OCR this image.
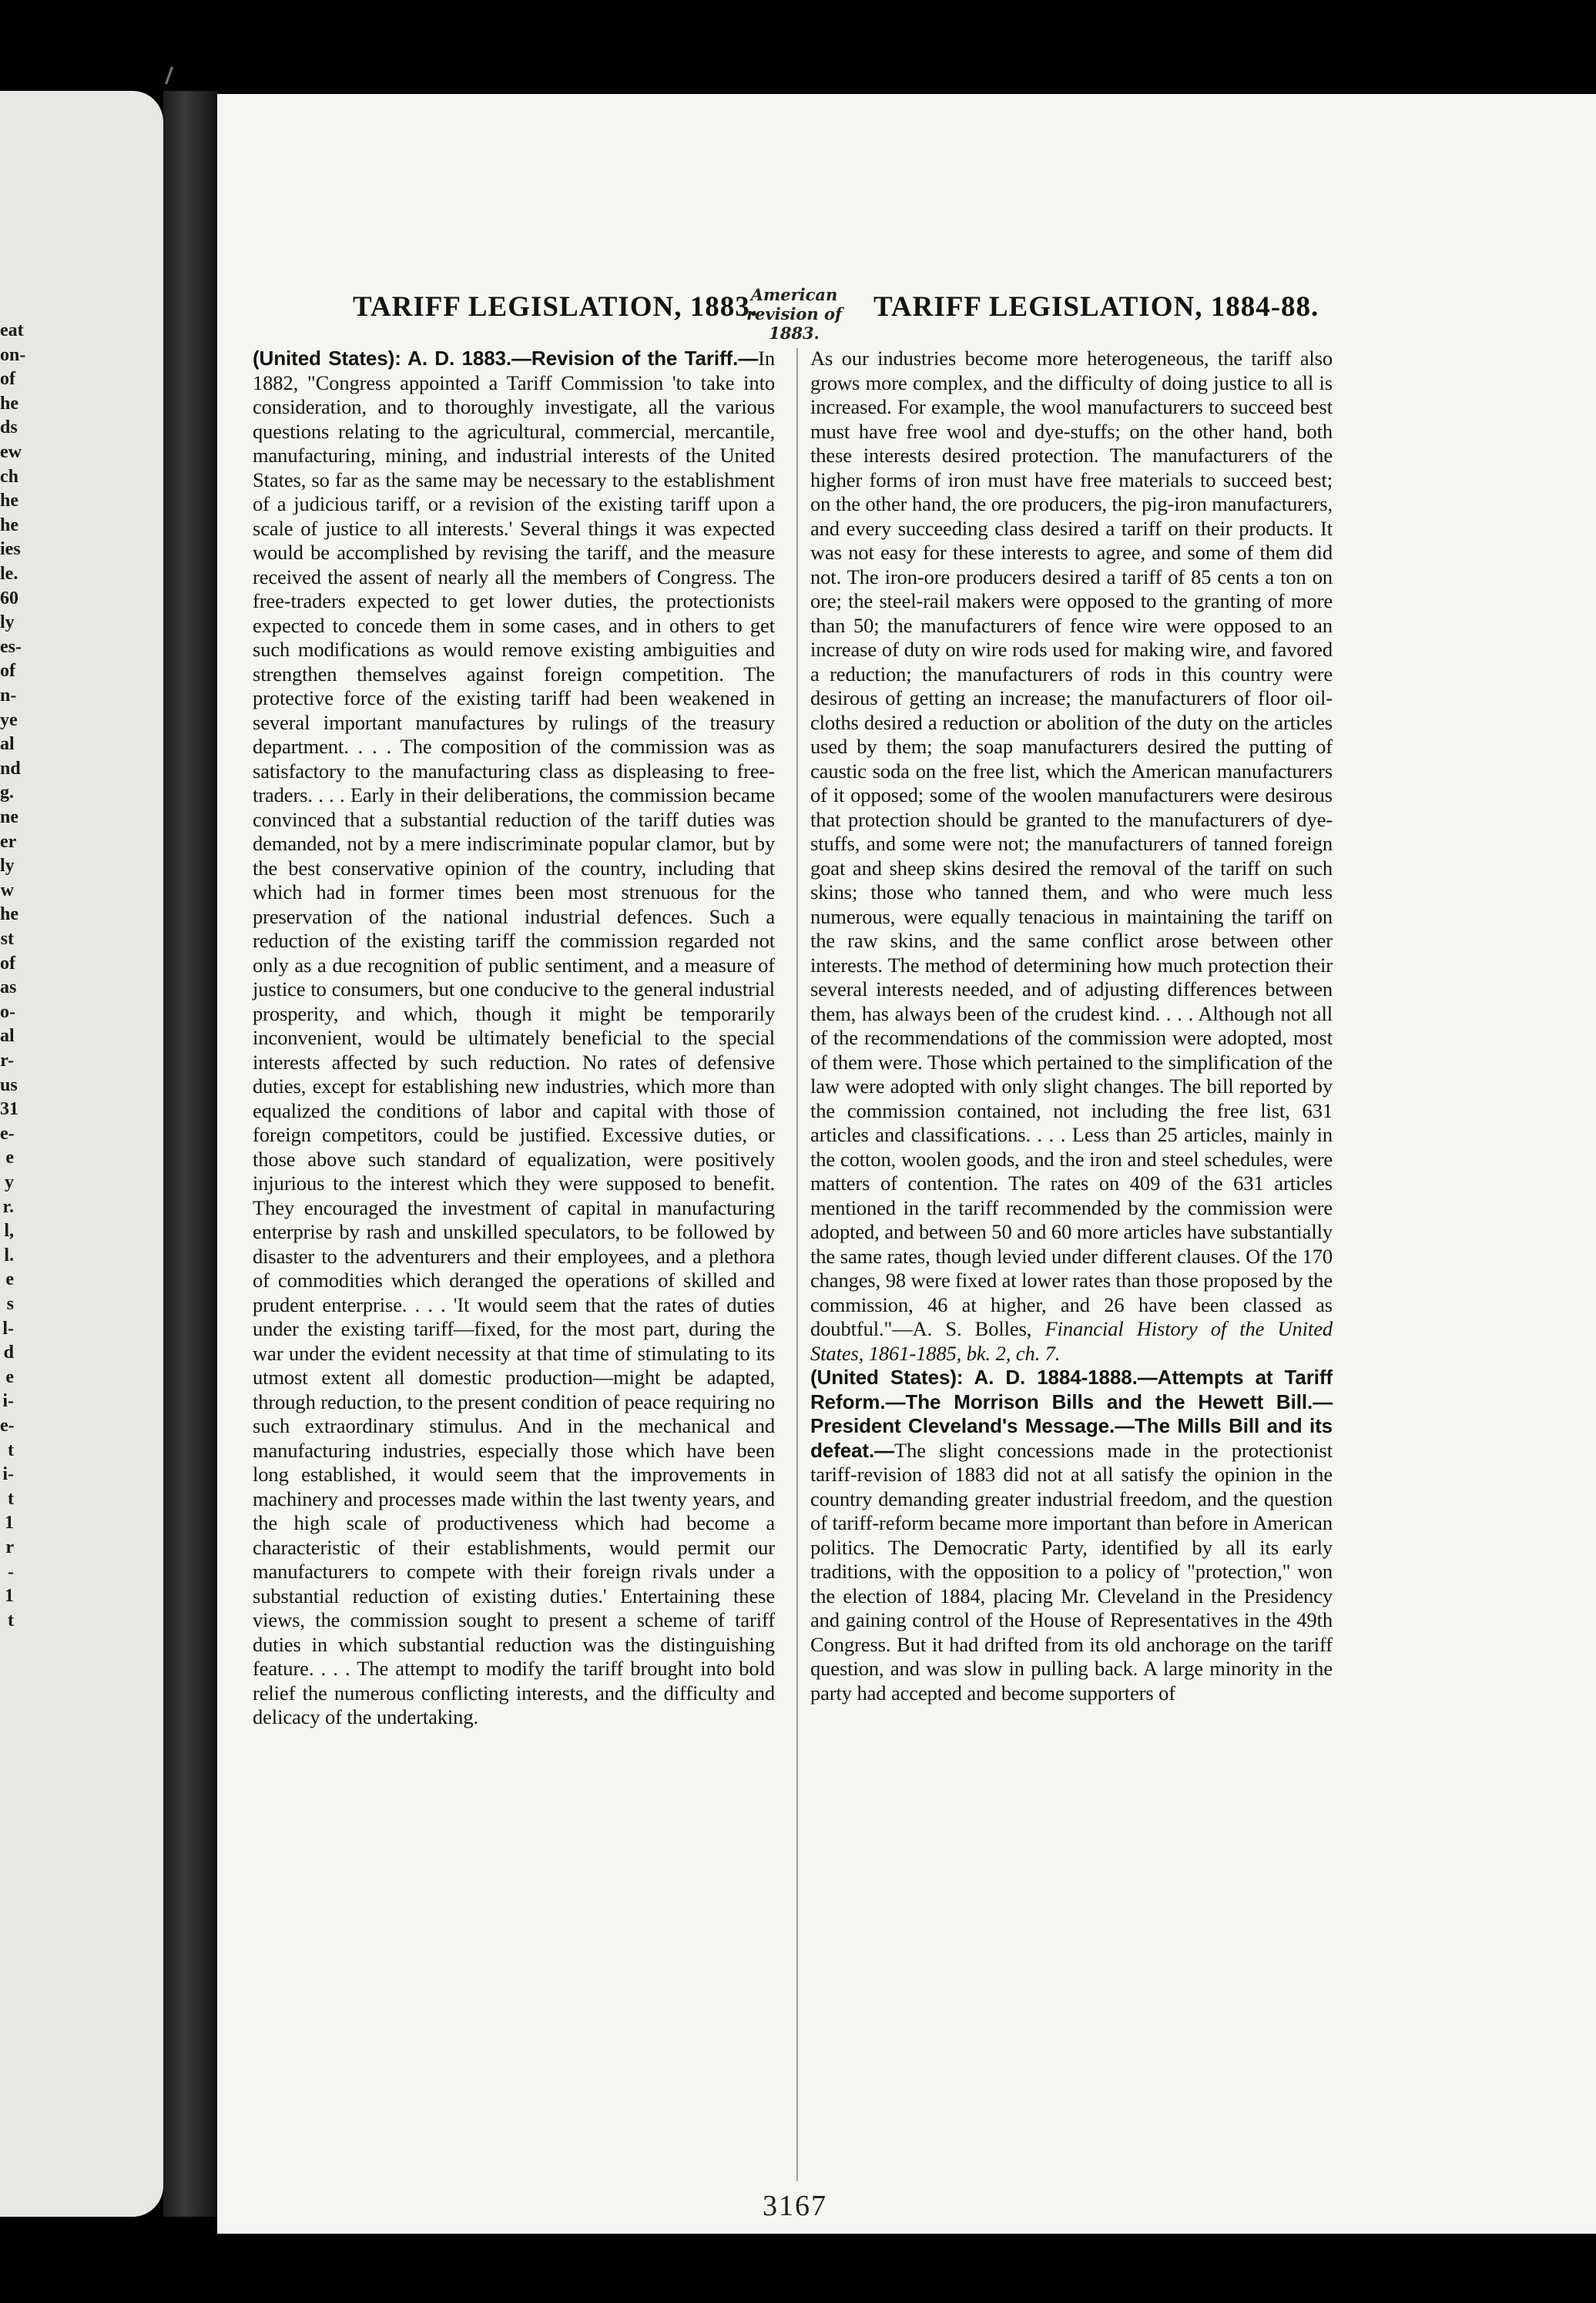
eat
on-
of
he
ds
ew
ch
he
he
ies
le.
60
ly
es-
of
n-
ye
al
nd
g.
ne
er
ly
w
he
st
of
as
o-
al
r-
us
31
e-
e
y
r.
l,
l.
e
s
l-
d
e
i-
e-
t
i-
t
1
r
-
1
t
TARIFF LEGISLATION, 1883.
American
revision of 1883.
TARIFF LEGISLATION, 1884-88.

(United States): A. D. 1883.—Revision of the Tariff.—In 1882, "Congress appointed a Tariff Commission 'to take into consideration, and to thoroughly investigate, all the various questions relating to the agricultural, commercial, mercantile, manufacturing, mining, and industrial interests of the United States, so far as the same may be necessary to the establishment of a judicious tariff, or a revision of the existing tariff upon a scale of justice to all interests.' Several things it was expected would be accomplished by revising the tariff, and the measure received the assent of nearly all the members of Congress. The free-traders expected to get lower duties, the protectionists expected to concede them in some cases, and in others to get such modifications as would remove existing ambiguities and strengthen themselves against foreign competition. The protective force of the existing tariff had been weakened in several important manufactures by rulings of the treasury department. . . . The composition of the commission was as satisfactory to the manufacturing class as displeasing to free-traders. . . . Early in their deliberations, the commission became convinced that a substantial reduction of the tariff duties was demanded, not by a mere indiscriminate popular clamor, but by the best conservative opinion of the country, including that which had in former times been most strenuous for the preservation of the national industrial defences. Such a reduction of the existing tariff the commission regarded not only as a due recognition of public sentiment, and a measure of justice to consumers, but one conducive to the general industrial prosperity, and which, though it might be temporarily inconvenient, would be ultimately beneficial to the special interests affected by such reduction. No rates of defensive duties, except for establishing new industries, which more than equalized the conditions of labor and capital with those of foreign competitors, could be justified. Excessive duties, or those above such standard of equalization, were positively injurious to the interest which they were supposed to benefit. They encouraged the investment of capital in manufacturing enterprise by rash and unskilled speculators, to be followed by disaster to the adventurers and their employees, and a plethora of commodities which deranged the operations of skilled and prudent enterprise. . . . 'It would seem that the rates of duties under the existing tariff—fixed, for the most part, during the war under the evident necessity at that time of stimulating to its utmost extent all domestic production—might be adapted, through reduction, to the present condition of peace requiring no such extraordinary stimulus. And in the mechanical and manufacturing industries, especially those which have been long established, it would seem that the improvements in machinery and processes made within the last twenty years, and the high scale of productiveness which had become a characteristic of their establishments, would permit our manufacturers to compete with their foreign rivals under a substantial reduction of existing duties.' Entertaining these views, the commission sought to present a scheme of tariff duties in which substantial reduction was the distinguishing feature. . . . The attempt to modify the tariff brought into bold relief the numerous conflicting interests, and the difficulty and delicacy of the undertaking.

As our industries become more heterogeneous, the tariff also grows more complex, and the difficulty of doing justice to all is increased. For example, the wool manufacturers to succeed best must have free wool and dye-stuffs; on the other hand, both these interests desired protection. The manufacturers of the higher forms of iron must have free materials to succeed best; on the other hand, the ore producers, the pig-iron manufacturers, and every succeeding class desired a tariff on their products. It was not easy for these interests to agree, and some of them did not. The iron-ore producers desired a tariff of 85 cents a ton on ore; the steel-rail makers were opposed to the granting of more than 50; the manufacturers of fence wire were opposed to an increase of duty on wire rods used for making wire, and favored a reduction; the manufacturers of rods in this country were desirous of getting an increase; the manufacturers of floor oil-cloths desired a reduction or abolition of the duty on the articles used by them; the soap manufacturers desired the putting of caustic soda on the free list, which the American manufacturers of it opposed; some of the woolen manufacturers were desirous that protection should be granted to the manufacturers of dye-stuffs, and some were not; the manufacturers of tanned foreign goat and sheep skins desired the removal of the tariff on such skins; those who tanned them, and who were much less numerous, were equally tenacious in maintaining the tariff on the raw skins, and the same conflict arose between other interests. The method of determining how much protection their several interests needed, and of adjusting differences between them, has always been of the crudest kind. . . . Although not all of the recommendations of the commission were adopted, most of them were. Those which pertained to the simplification of the law were adopted with only slight changes. The bill reported by the commission contained, not including the free list, 631 articles and classifications. . . . Less than 25 articles, mainly in the cotton, woolen goods, and the iron and steel schedules, were matters of contention. The rates on 409 of the 631 articles mentioned in the tariff recommended by the commission were adopted, and between 50 and 60 more articles have substantially the same rates, though levied under different clauses. Of the 170 changes, 98 were fixed at lower rates than those proposed by the commission, 46 at higher, and 26 have been classed as doubtful."—A. S. Bolles, Financial History of the United States, 1861-1885, bk. 2, ch. 7.

(United States): A. D. 1884-1888.—Attempts at Tariff Reform.—The Morrison Bills and the Hewett Bill.—President Cleveland's Message.—The Mills Bill and its defeat.—The slight concessions made in the protectionist tariff-revision of 1883 did not at all satisfy the opinion in the country demanding greater industrial freedom, and the question of tariff-reform became more important than before in American politics. The Democratic Party, identified by all its early traditions, with the opposition to a policy of "protection," won the election of 1884, placing Mr. Cleveland in the Presidency and gaining control of the House of Representatives in the 49th Congress. But it had drifted from its old anchorage on the tariff question, and was slow in pulling back. A large minority in the party had accepted and become supporters of

3167
